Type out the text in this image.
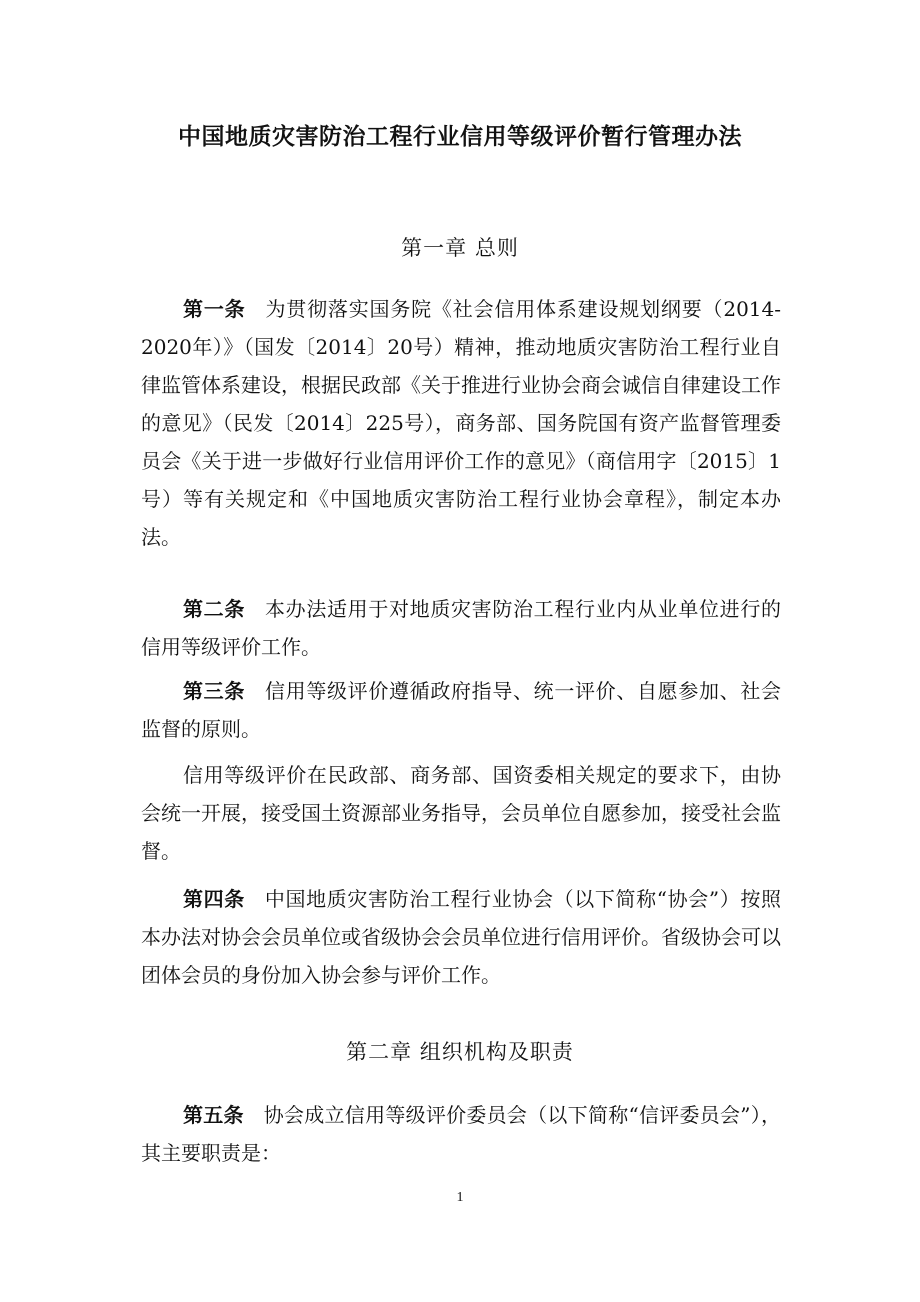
中国地质灾害防治工程行业信用等级评价暂行管理办法
第一章 总则

第一条 为贯彻落实国务院《社会信用体系建设规划纲要（2014-2020年）》（国发〔2014〕20号）精神，推动地质灾害防治工程行业自律监管体系建设，根据民政部《关于推进行业协会商会诚信自律建设工作的意见》（民发〔2014〕225号），商务部、国务院国有资产监督管理委员会《关于进一步做好行业信用评价工作的意见》（商信用字〔2015〕1号）等有关规定和《中国地质灾害防治工程行业协会章程》，制定本办法。

第二条 本办法适用于对地质灾害防治工程行业内从业单位进行的信用等级评价工作。

第三条 信用等级评价遵循政府指导、统一评价、自愿参加、社会监督的原则。

信用等级评价在民政部、商务部、国资委相关规定的要求下，由协会统一开展，接受国土资源部业务指导，会员单位自愿参加，接受社会监督。

第四条 中国地质灾害防治工程行业协会（以下简称“协会”）按照本办法对协会会员单位或省级协会会员单位进行信用评价。省级协会可以团体会员的身份加入协会参与评价工作。

第二章 组织机构及职责

第五条 协会成立信用等级评价委员会（以下简称“信评委员会”），其主要职责是：

1
